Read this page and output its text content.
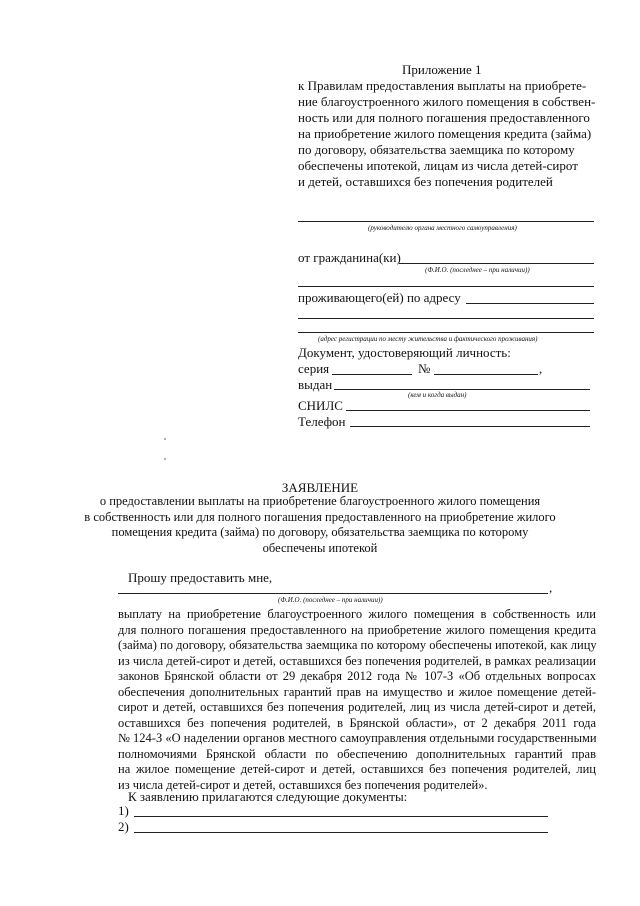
Приложение 1
к Правилам предоставления выплаты на приобрете-
ние благоустроенного жилого помещения в собствен-
ность или для полного погашения предоставленного
на приобретение жилого помещения кредита (займа)
по договору, обязательства заемщика по которому
обеспечены ипотекой, лицам из числа детей-сирот
и детей, оставшихся без попечения родителей
(руководителю органа местного самоуправления)
от гражданина(ки)
(Ф.И.О. (последнее – при наличии))
проживающего(ей) по адресу
(адрес регистрации по месту жительства и фактического проживания)
Документ, удостоверяющий личность:
серия	№	,
выдан
(кем и когда выдан)
СНИЛС
Телефон
ЗАЯВЛЕНИЕ
о предоставлении выплаты на приобретение благоустроенного жилого помещения
в собственность или для полного погашения предоставленного на приобретение жилого
помещения кредита (займа) по договору, обязательства заемщика по которому
обеспечены ипотекой
Прошу предоставить мне,
,
(Ф.И.О. (последнее – при наличии))
выплату на приобретение благоустроенного жилого помещения в собственность или
для полного погашения предоставленного на приобретение жилого помещения кредита
(займа) по договору, обязательства заемщика по которому обеспечены ипотекой, как лицу
из числа детей-сирот и детей, оставшихся без попечения родителей, в рамках реализации
законов Брянской области от 29 декабря 2012 года № 107-З «Об отдельных вопросах
обеспечения дополнительных гарантий прав на имущество и жилое помещение детей-
сирот и детей, оставшихся без попечения родителей, лиц из числа детей-сирот и детей,
оставшихся без попечения родителей, в Брянской области», от 2 декабря 2011 года
№ 124-З «О наделении органов местного самоуправления отдельными государственными
полномочиями Брянской области по обеспечению дополнительных гарантий прав
на жилое помещение детей-сирот и детей, оставшихся без попечения родителей, лиц
из числа детей-сирот и детей, оставшихся без попечения родителей».
К заявлению прилагаются следующие документы:
1)
2)
